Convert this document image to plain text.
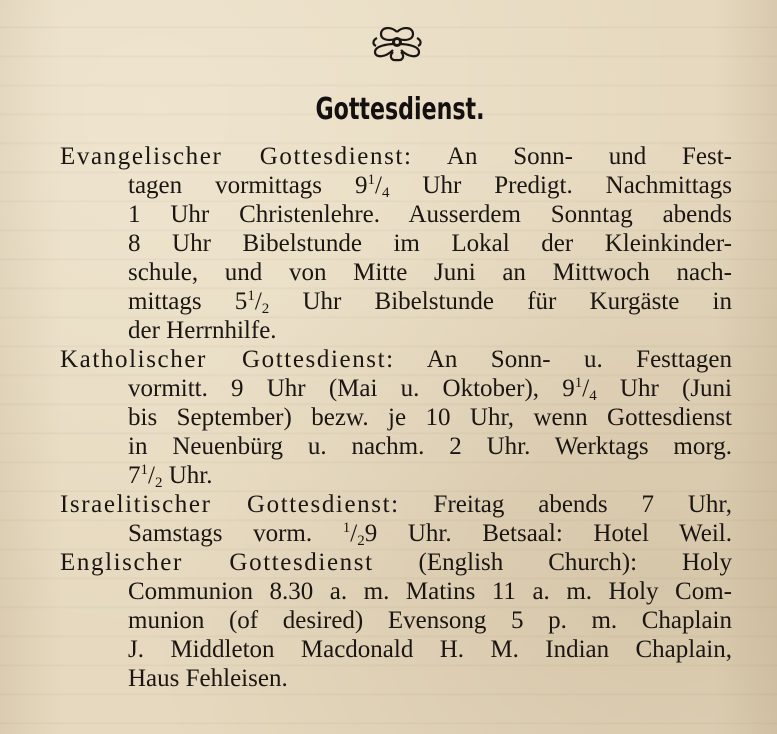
Gottesdienst.
Evangelischer Gottesdienst: An Sonn- und Fest-
tagen vormittags $9^1/_4$ Uhr Predigt. Nachmittags
1 Uhr Christenlehre. Ausserdem Sonntag abends
8 Uhr Bibelstunde im Lokal der Kleinkinder-
schule, und von Mitte Juni an Mittwoch nach-
mittags $5^1/_2$ Uhr Bibelstunde für Kurgäste in
der Herrnhilfe.
Katholischer Gottesdienst: An Sonn- u. Festtagen
vormitt. 9 Uhr (Mai u. Oktober), $9^1/_4$ Uhr (Juni
bis September) bezw. je 10 Uhr, wenn Gottesdienst
in Neuenbürg u. nachm. 2 Uhr. Werktags morg.
$7^1/_2$ Uhr.
Israelitischer Gottesdienst: Freitag abends 7 Uhr,
Samstags vorm. $^1/_29$ Uhr. Betsaal: Hotel Weil.
Englischer Gottesdienst (English Church): Holy
Communion 8.30 a. m. Matins 11 a. m. Holy Com-
munion (of desired) Evensong 5 p. m. Chaplain
J. Middleton Macdonald H. M. Indian Chaplain,
Haus Fehleisen.
